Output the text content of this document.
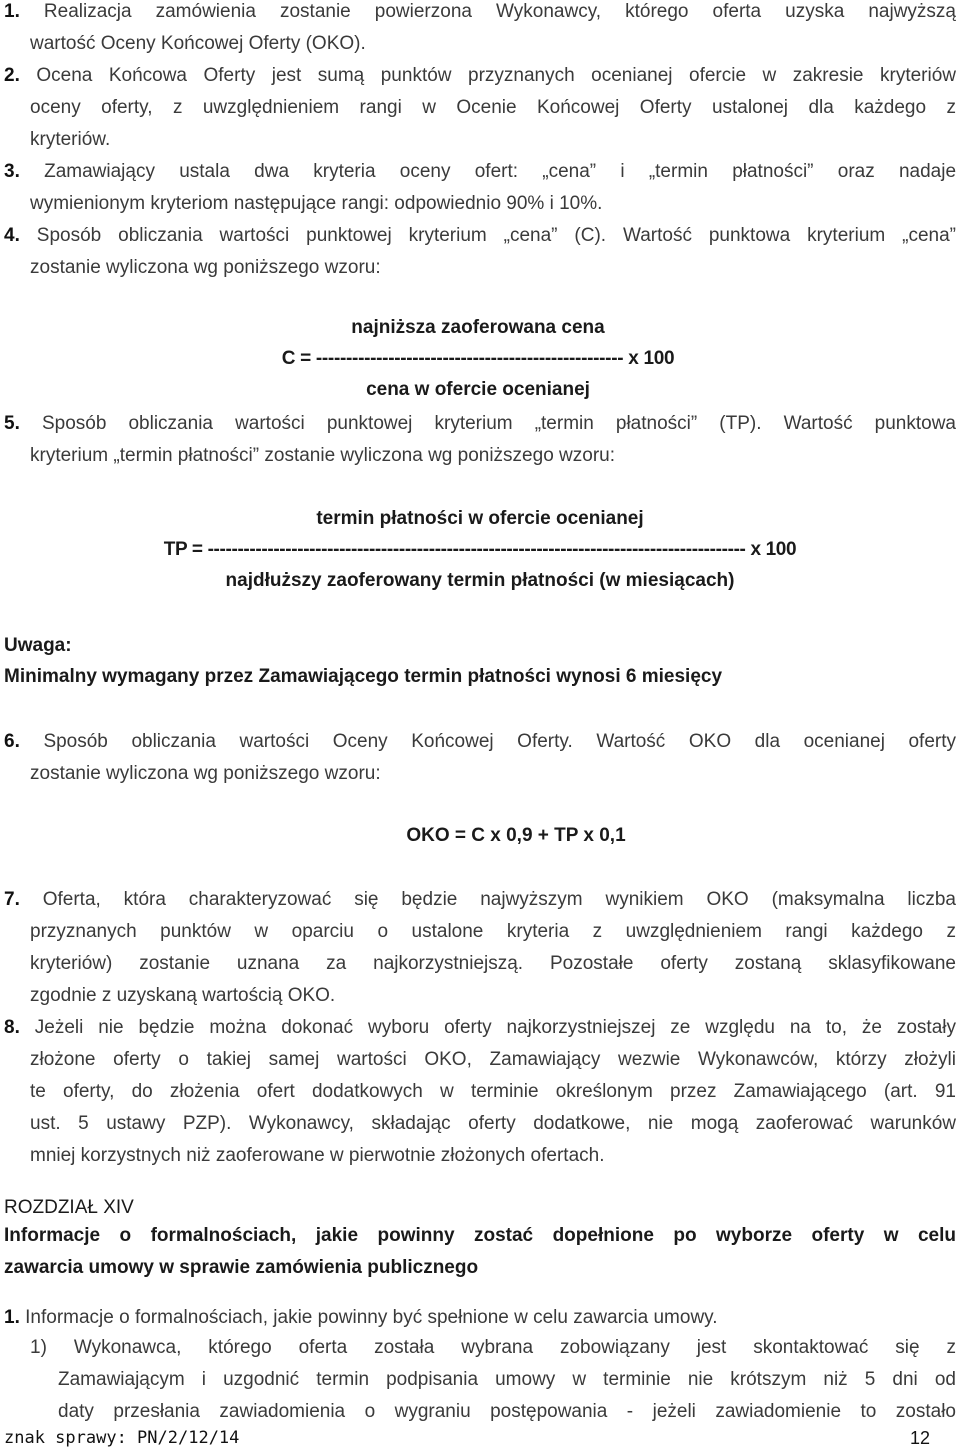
1. Realizacja zamówienia zostanie powierzona Wykonawcy, którego oferta uzyska najwyższą
wartość Oceny Końcowej Oferty (OKO).
2. Ocena Końcowa Oferty jest sumą punktów przyznanych ocenianej ofercie w zakresie kryteriów
oceny oferty, z uwzględnieniem rangi w Ocenie Końcowej Oferty ustalonej dla każdego z
kryteriów.
3. Zamawiający ustala dwa kryteria oceny ofert: „cena” i „termin płatności” oraz nadaje
wymienionym kryteriom następujące rangi: odpowiednio 90% i 10%.
4. Sposób obliczania wartości punktowej kryterium „cena” (C). Wartość punktowa kryterium „cena”
zostanie wyliczona wg poniższego wzoru:
najniższa zaoferowana cena
C = --------------------------------------------------- x 100
cena w ofercie ocenianej
5. Sposób obliczania wartości punktowej kryterium „termin płatności” (TP). Wartość punktowa
kryterium „termin płatności” zostanie wyliczona wg poniższego wzoru:
termin płatności w ofercie ocenianej
TP = ------------------------------------------------------------------------------------------ x 100
najdłuższy zaoferowany termin płatności (w miesiącach)
Uwaga:
Minimalny wymagany przez Zamawiającego termin płatności wynosi 6 miesięcy
6. Sposób obliczania wartości Oceny Końcowej Oferty. Wartość OKO dla ocenianej oferty
zostanie wyliczona wg poniższego wzoru:
OKO = C x 0,9 + TP x 0,1
7. Oferta, która charakteryzować się będzie najwyższym wynikiem OKO (maksymalna liczba
przyznanych punktów w oparciu o ustalone kryteria z uwzględnieniem rangi każdego z
kryteriów) zostanie uznana za najkorzystniejszą. Pozostałe oferty zostaną sklasyfikowane
zgodnie z uzyskaną wartością OKO.
8. Jeżeli nie będzie można dokonać wyboru oferty najkorzystniejszej ze względu na to, że zostały
złożone oferty o takiej samej wartości OKO, Zamawiający wezwie Wykonawców, którzy złożyli
te oferty, do złożenia ofert dodatkowych w terminie określonym przez Zamawiającego (art. 91
ust. 5 ustawy PZP). Wykonawcy, składając oferty dodatkowe, nie mogą zaoferować warunków
mniej korzystnych niż zaoferowane w pierwotnie złożonych ofertach.
ROZDZIAŁ XIV
Informacje o formalnościach, jakie powinny zostać dopełnione po wyborze oferty w celu
zawarcia umowy w sprawie zamówienia publicznego
1. Informacje o formalnościach, jakie powinny być spełnione w celu zawarcia umowy.
1) Wykonawca, którego oferta została wybrana zobowiązany jest skontaktować się z
Zamawiającym i uzgodnić termin podpisania umowy w terminie nie krótszym niż 5 dni od
daty przesłania zawiadomienia o wygraniu postępowania - jeżeli zawiadomienie to zostało
znak sprawy: PN/2/12/14	12
